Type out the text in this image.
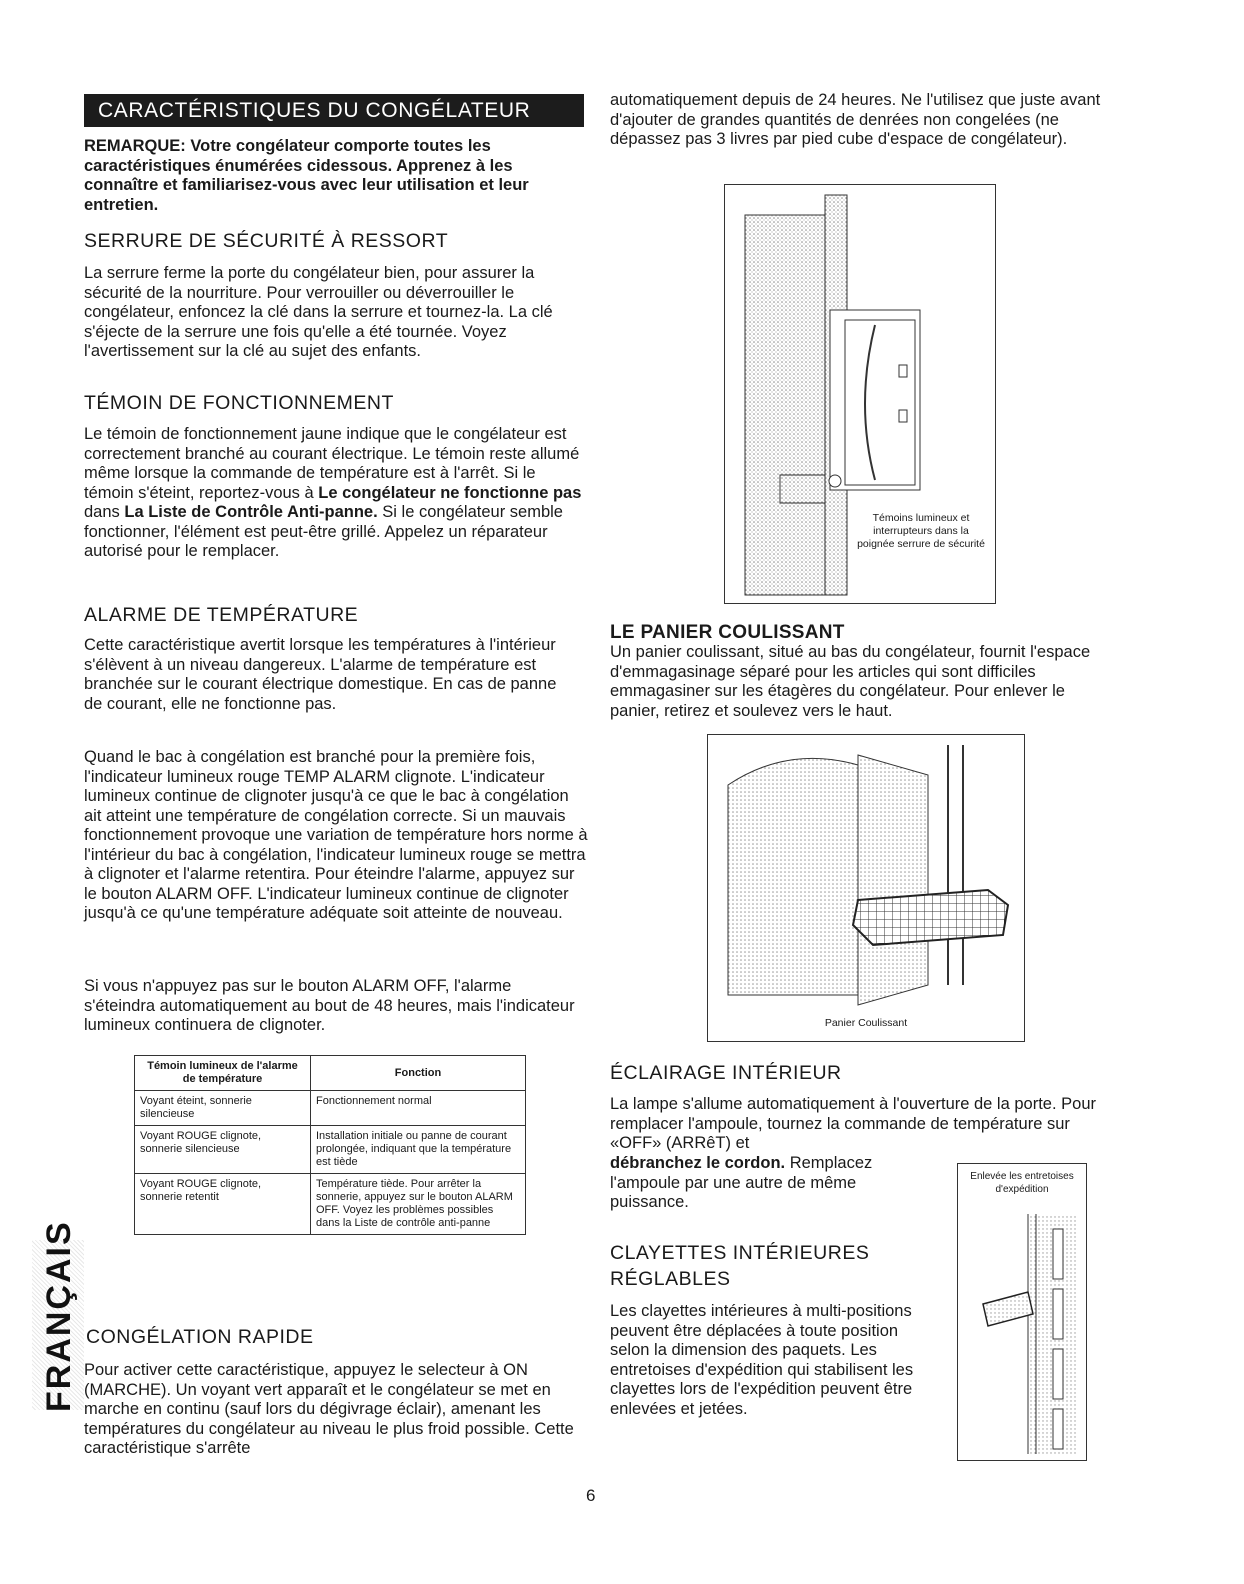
CARACTÉRISTIQUES DU CONGÉLATEUR

REMARQUE: Votre congélateur comporte toutes les caractéristiques énumérées cidessous. Apprenez à les connaître et familiarisez-vous avec leur utilisation et leur entretien.

SERRURE DE SÉCURITÉ À RESSORT

La serrure ferme la porte du congélateur bien, pour assurer la sécurité de la nourriture. Pour verrouiller ou déverrouiller le congélateur, enfoncez la clé dans la serrure et tournez-la. La clé s'éjecte de la serrure une fois qu'elle a été tournée. Voyez l'avertissement sur la clé au sujet des enfants.

TÉMOIN DE FONCTIONNEMENT

Le témoin de fonctionnement jaune indique que le congélateur est correctement branché au courant électrique. Le témoin reste allumé même lorsque la commande de température est à l'arrêt. Si le témoin s'éteint, reportez-vous à Le congélateur ne fonctionne pas dans La Liste de Contrôle Anti-panne. Si le congélateur semble fonctionner, l'élément est peut-être grillé. Appelez un réparateur autorisé pour le remplacer.

ALARME DE TEMPÉRATURE

Cette caractéristique avertit lorsque les températures à l'intérieur s'élèvent à un niveau dangereux. L'alarme de température est branchée sur le courant électrique domestique. En cas de panne de courant, elle ne fonctionne pas.

Quand le bac à congélation est branché pour la première fois, l'indicateur lumineux rouge TEMP ALARM clignote. L'indicateur lumineux continue de clignoter jusqu'à ce que le bac à congélation ait atteint une température de congélation correcte. Si un mauvais fonctionnement provoque une variation de température hors norme à l'intérieur du bac à congélation, l'indicateur lumineux rouge se mettra à clignoter et l'alarme retentira. Pour éteindre l'alarme, appuyez sur le bouton ALARM OFF. L'indicateur lumineux continue de clignoter jusqu'à ce qu'une température adéquate soit atteinte de nouveau.

Si vous n'appuyez pas sur le bouton ALARM OFF, l'alarme s'éteindra automatiquement au bout de 48 heures, mais l'indicateur lumineux continuera de clignoter.

Témoin lumineux de l'alarme de température	Fonction
Voyant éteint, sonnerie silencieuse	Fonctionnement normal
Voyant ROUGE clignote, sonnerie silencieuse	Installation initiale ou panne de courant prolongée, indiquant que la température est tiède
Voyant ROUGE clignote, sonnerie retentit	Température tiède. Pour arrêter la sonnerie, appuyez sur le bouton ALARM OFF. Voyez les problèmes possibles dans la Liste de contrôle anti-panne
CONGÉLATION RAPIDE

Pour activer cette caractéristique, appuyez le selecteur à ON (MARCHE). Un voyant vert apparaît et le congélateur se met en marche en continu (sauf lors du dégivrage éclair), amenant les températures du congélateur au niveau le plus froid possible. Cette caractéristique s'arrête

FRANÇAIS

automatiquement depuis de 24 heures. Ne l'utilisez que juste avant d'ajouter de grandes quantités de denrées non congelées (ne dépassez pas 3 livres par pied cube d'espace de congélateur).

Témoins lumineux et interrupteurs dans la poignée serrure de sécurité
LE PANIER COULISSANT

Un panier coulissant, situé au bas du congélateur, fournit l'espace d'emmagasinage séparé pour les articles qui sont difficiles emmagasiner sur les étagères du congélateur. Pour enlever le panier, retirez et soulevez vers le haut.

Panier Coulissant
ÉCLAIRAGE INTÉRIEUR

La lampe s'allume automatiquement à l'ouverture de la porte. Pour remplacer l'ampoule, tournez la commande de température sur «OFF» (ARRêT) et

débranchez le cordon. Remplacez l'ampoule par une autre de même puissance.

CLAYETTES INTÉRIEURES
RÉGLABLES

Les clayettes intérieures à multi-positions peuvent être déplacées à toute position selon la dimension des paquets. Les entretoises d'expédition qui stabilisent les clayettes lors de l'expédition peuvent être enlevées et jetées.

Enlevée les entretoises d'expédition
6
